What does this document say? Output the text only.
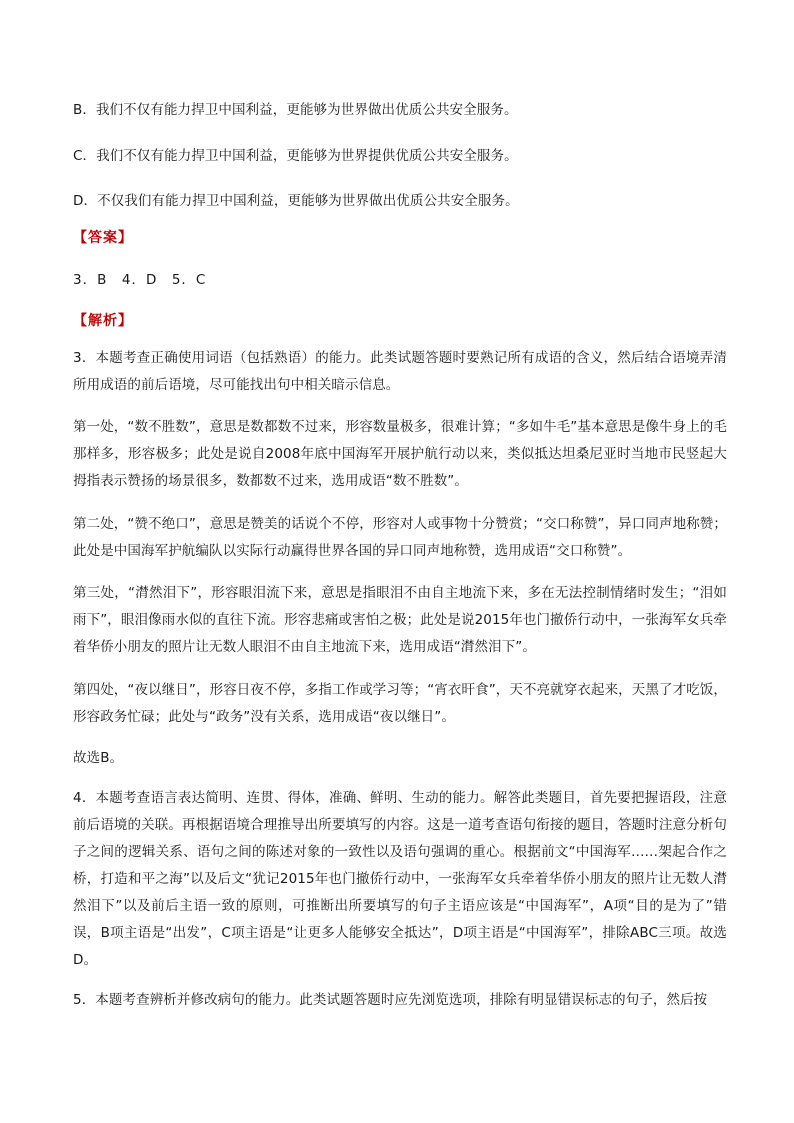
B．我们不仅有能力捍卫中国利益，更能够为世界做出优质公共安全服务。
C．我们不仅有能力捍卫中国利益，更能够为世界提供优质公共安全服务。
D．不仅我们有能力捍卫中国利益，更能够为世界做出优质公共安全服务。
【答案】
3．B　4．D　5．C
【解析】
3．本题考查正确使用词语（包括熟语）的能力。此类试题答题时要熟记所有成语的含义，然后结合语境弄清所用成语的前后语境，尽可能找出句中相关暗示信息。
第一处，“数不胜数”，意思是数都数不过来，形容数量极多，很难计算；“多如牛毛”基本意思是像牛身上的毛那样多，形容极多；此处是说自2008年底中国海军开展护航行动以来，类似抵达坦桑尼亚时当地市民竖起大拇指表示赞扬的场景很多，数都数不过来，选用成语“数不胜数”。
第二处，“赞不绝口”，意思是赞美的话说个不停，形容对人或事物十分赞赏；“交口称赞”，异口同声地称赞；此处是中国海军护航编队以实际行动赢得世界各国的异口同声地称赞，选用成语“交口称赞”。
第三处，“潸然泪下”，形容眼泪流下来，意思是指眼泪不由自主地流下来，多在无法控制情绪时发生；“泪如雨下”，眼泪像雨水似的直往下流。形容悲痛或害怕之极；此处是说2015年也门撤侨行动中，一张海军女兵牵着华侨小朋友的照片让无数人眼泪不由自主地流下来，选用成语“潸然泪下”。
第四处，“夜以继日”，形容日夜不停，多指工作或学习等；“宵衣旰食”，天不亮就穿衣起来，天黑了才吃饭，形容政务忙碌；此处与“政务”没有关系，选用成语“夜以继日”。
故选B。
4．本题考查语言表达简明、连贯、得体，准确、鲜明、生动的能力。解答此类题目，首先要把握语段，注意前后语境的关联。再根据语境合理推导出所要填写的内容。这是一道考查语句衔接的题目，答题时注意分析句子之间的逻辑关系、语句之间的陈述对象的一致性以及语句强调的重心。根据前文“中国海军……架起合作之桥，打造和平之海”以及后文“犹记2015年也门撤侨行动中，一张海军女兵牵着华侨小朋友的照片让无数人潸然泪下”以及前后主语一致的原则，可推断出所要填写的句子主语应该是“中国海军”，A项“目的是为了”错误，B项主语是“出发”，C项主语是“让更多人能够安全抵达”，D项主语是“中国海军”，排除ABC三项。故选D。
5．本题考查辨析并修改病句的能力。此类试题答题时应先浏览选项，排除有明显错误标志的句子，然后按
